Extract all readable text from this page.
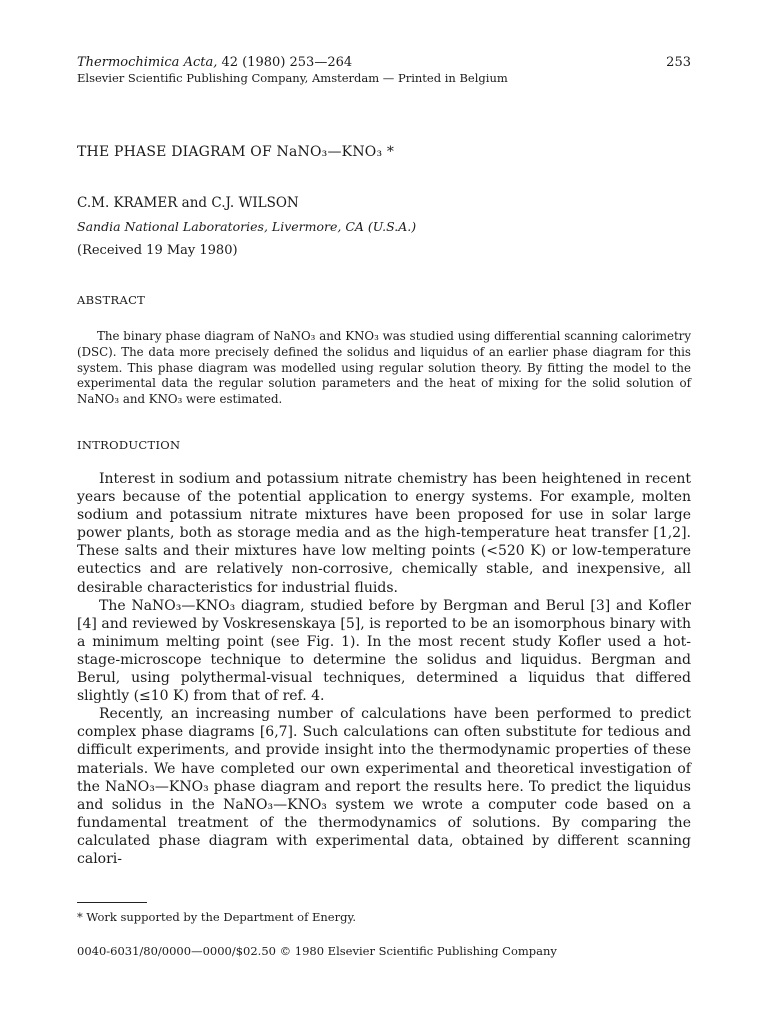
Thermochimica Acta, 42 (1980) 253—264	253
Elsevier Scientific Publishing Company, Amsterdam — Printed in Belgium
THE PHASE DIAGRAM OF NaNO₃—KNO₃ *
C.M. KRAMER and C.J. WILSON
Sandia National Laboratories, Livermore, CA (U.S.A.)
(Received 19 May 1980)
ABSTRACT

The binary phase diagram of NaNO₃ and KNO₃ was studied using differential scanning calorimetry (DSC). The data more precisely defined the solidus and liquidus of an earlier phase diagram for this system. This phase diagram was modelled using regular solution theory. By fitting the model to the experimental data the regular solution parameters and the heat of mixing for the solid solution of NaNO₃ and KNO₃ were estimated.

INTRODUCTION

Interest in sodium and potassium nitrate chemistry has been heightened in recent years because of the potential application to energy systems. For example, molten sodium and potassium nitrate mixtures have been proposed for use in solar large power plants, both as storage media and as the high-temperature heat transfer [1,2]. These salts and their mixtures have low melting points (<520 K) or low-temperature eutectics and are relatively non-corrosive, chemically stable, and inexpensive, all desirable characteristics for industrial fluids.

The NaNO₃—KNO₃ diagram, studied before by Bergman and Berul [3] and Kofler [4] and reviewed by Voskresenskaya [5], is reported to be an isomorphous binary with a minimum melting point (see Fig. 1). In the most recent study Kofler used a hot-stage-microscope technique to determine the solidus and liquidus. Bergman and Berul, using polythermal-visual techniques, determined a liquidus that differed slightly (≤10 K) from that of ref. 4.

Recently, an increasing number of calculations have been performed to predict complex phase diagrams [6,7]. Such calculations can often substitute for tedious and difficult experiments, and provide insight into the thermodynamic properties of these materials. We have completed our own experimental and theoretical investigation of the NaNO₃—KNO₃ phase diagram and report the results here. To predict the liquidus and solidus in the NaNO₃—KNO₃ system we wrote a computer code based on a fundamental treatment of the thermodynamics of solutions. By comparing the calculated phase diagram with experimental data, obtained by different scanning calori-

* Work supported by the Department of Energy.
0040-6031/80/0000—0000/$02.50 © 1980 Elsevier Scientific Publishing Company
